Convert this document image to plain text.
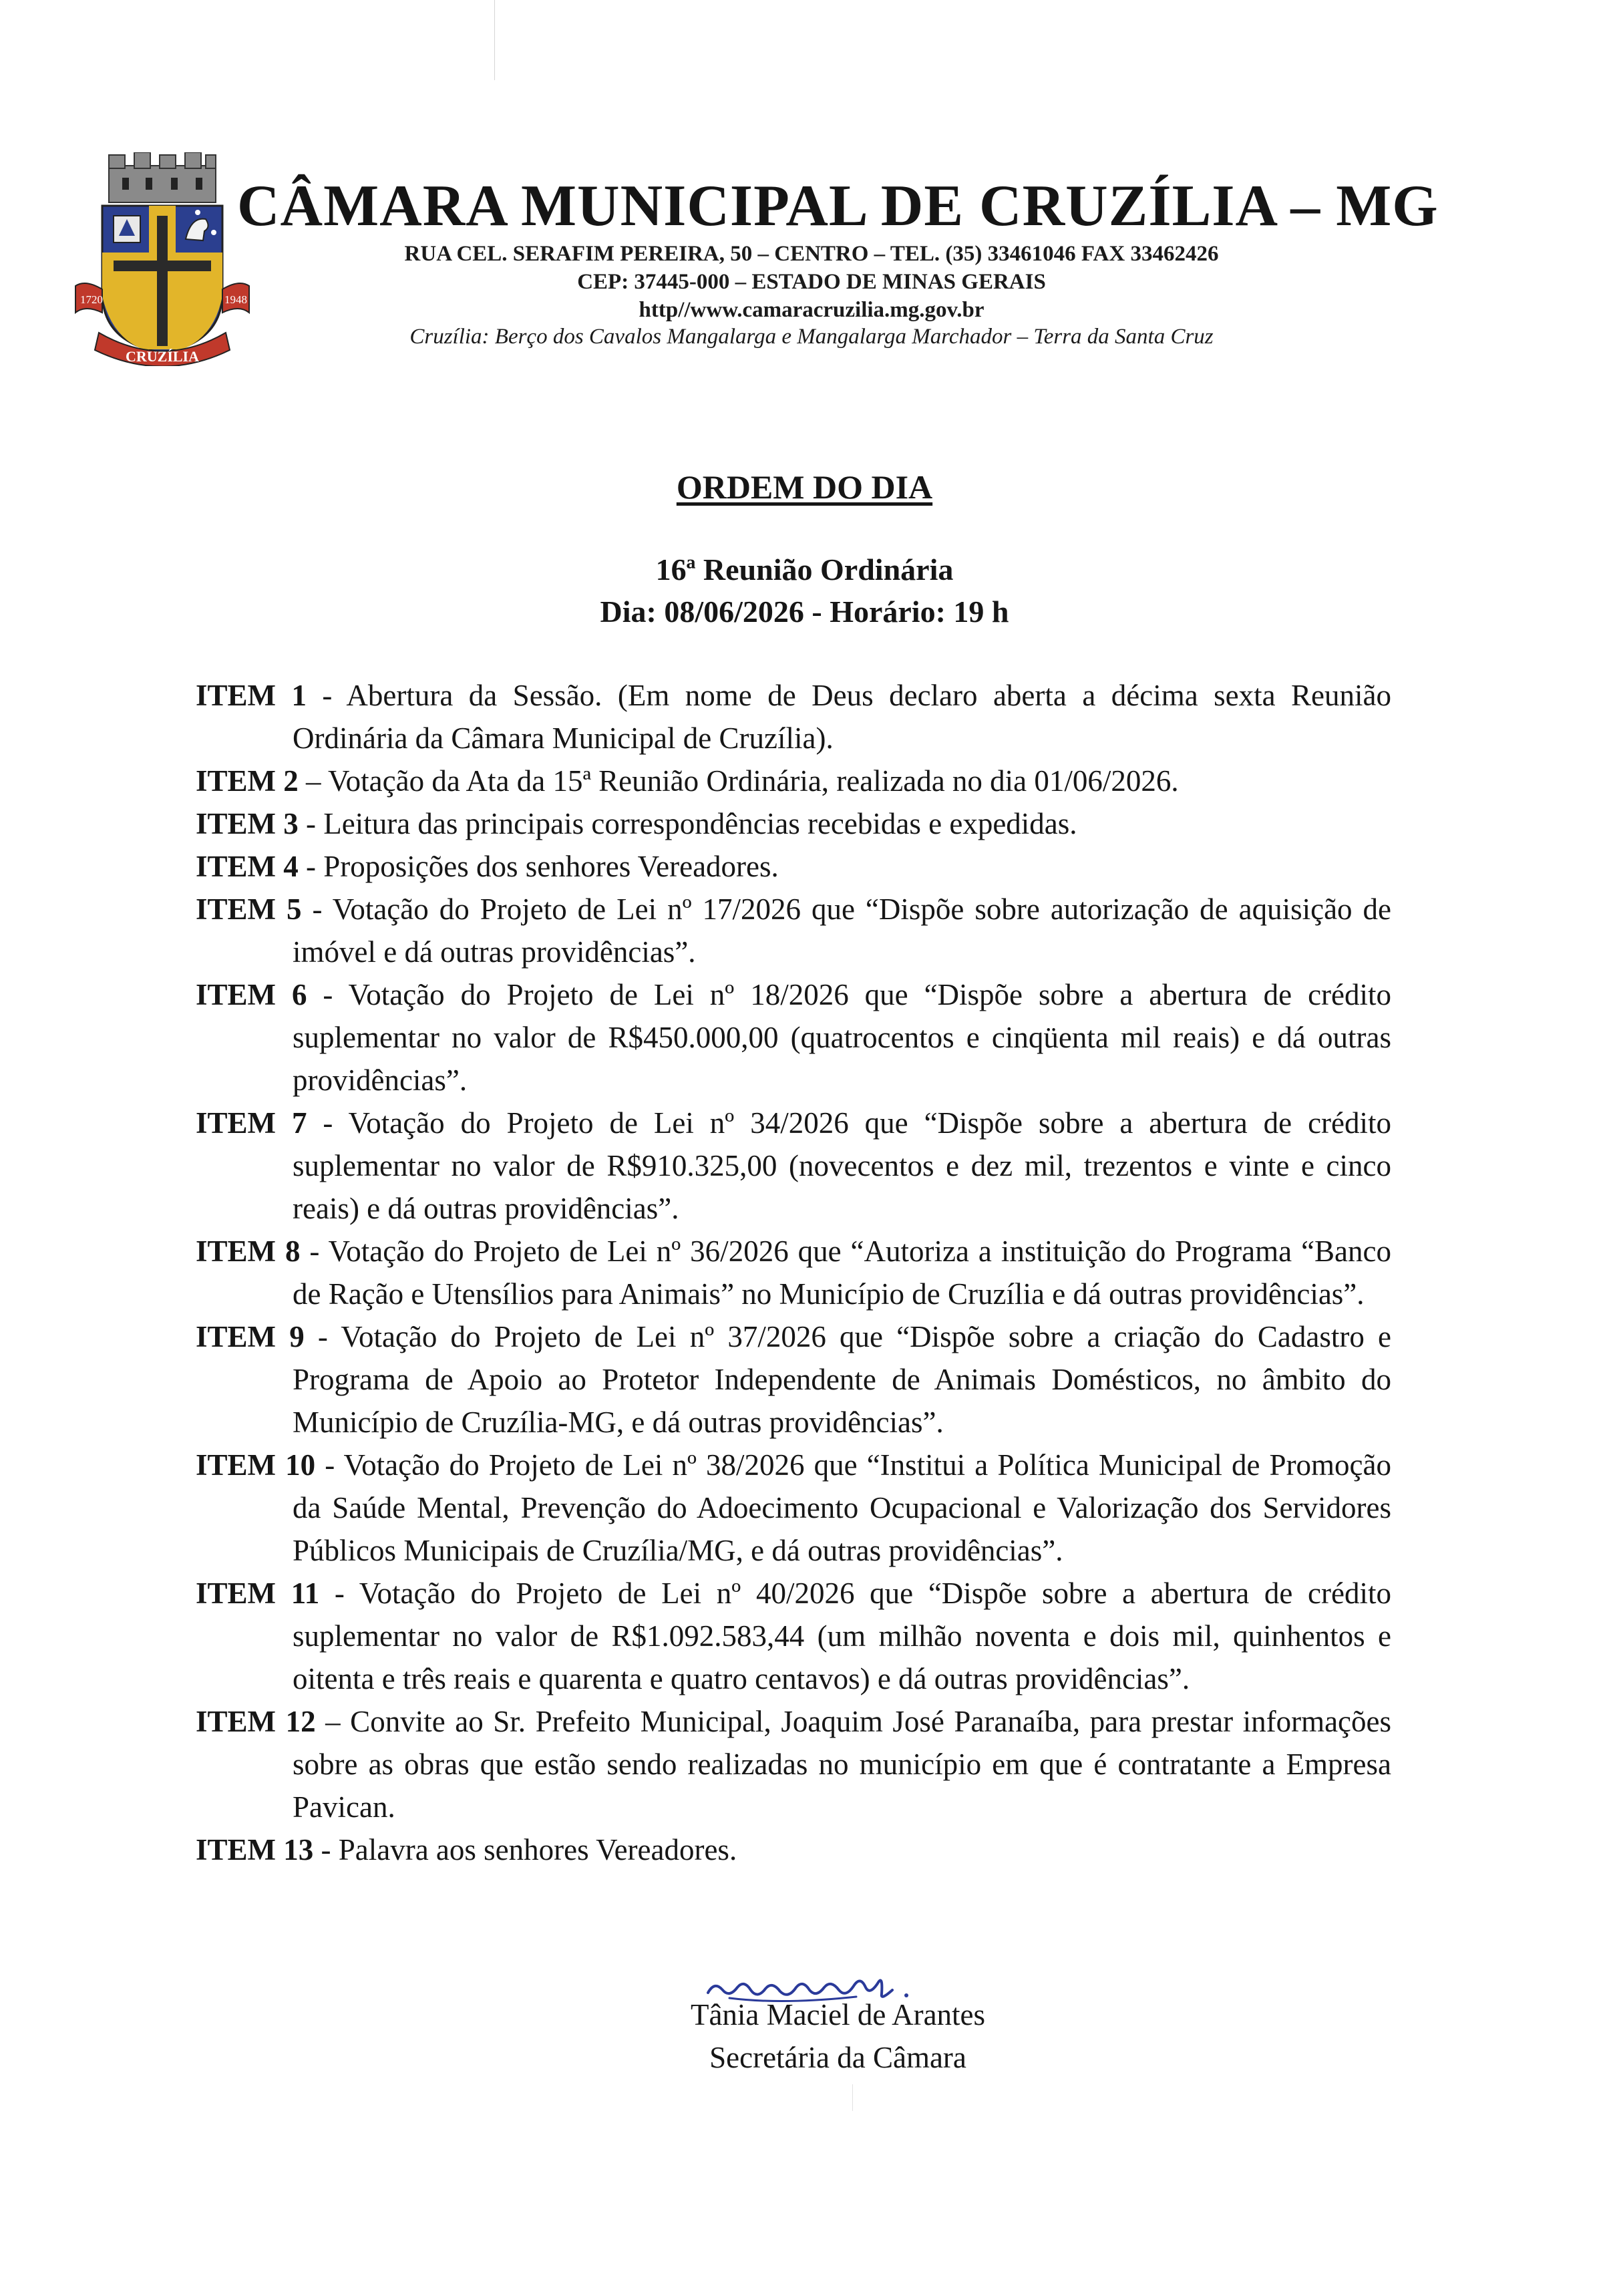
1720	1948
CRUZÍLIA
CÂMARA MUNICIPAL DE CRUZÍLIA – MG
RUA CEL. SERAFIM PEREIRA, 50 – CENTRO – TEL. (35) 33461046 FAX 33462426
CEP: 37445-000 – ESTADO DE MINAS GERAIS
http//www.camaracruzilia.mg.gov.br
Cruzília: Berço dos Cavalos Mangalarga e Mangalarga Marchador – Terra da Santa Cruz
ORDEM DO DIA
16ª Reunião Ordinária
Dia: 08/06/2026 - Horário: 19 h

ITEM 1 - Abertura da Sessão. (Em nome de Deus declaro aberta a décima sexta Reunião Ordinária da Câmara Municipal de Cruzília).

ITEM 2 – Votação da Ata da 15ª Reunião Ordinária, realizada no dia 01/06/2026.

ITEM 3 - Leitura das principais correspondências recebidas e expedidas.

ITEM 4 - Proposições dos senhores Vereadores.

ITEM 5 - Votação do Projeto de Lei nº 17/2026 que “Dispõe sobre autorização de aquisição de imóvel e dá outras providências”.

ITEM 6 - Votação do Projeto de Lei nº 18/2026 que “Dispõe sobre a abertura de crédito suplementar no valor de R$450.000,00 (quatrocentos e cinqüenta mil reais) e dá outras providências”.

ITEM 7 - Votação do Projeto de Lei nº 34/2026 que “Dispõe sobre a abertura de crédito suplementar no valor de R$910.325,00 (novecentos e dez mil, trezentos e vinte e cinco reais) e dá outras providências”.

ITEM 8 - Votação do Projeto de Lei nº 36/2026 que “Autoriza a instituição do Programa “Banco de Ração e Utensílios para Animais” no Município de Cruzília e dá outras providências”.

ITEM 9 - Votação do Projeto de Lei nº 37/2026 que “Dispõe sobre a criação do Cadastro e Programa de Apoio ao Protetor Independente de Animais Domésticos, no âmbito do Município de Cruzília-MG, e dá outras providências”.

ITEM 10 - Votação do Projeto de Lei nº 38/2026 que “Institui a Política Municipal de Promoção da Saúde Mental, Prevenção do Adoecimento Ocupacional e Valorização dos Servidores Públicos Municipais de Cruzília/MG, e dá outras providências”.

ITEM 11 - Votação do Projeto de Lei nº 40/2026 que “Dispõe sobre a abertura de crédito suplementar no valor de R$1.092.583,44 (um milhão noventa e dois mil, quinhentos e oitenta e três reais e quarenta e quatro centavos) e dá outras providências”.

ITEM 12 – Convite ao Sr. Prefeito Municipal, Joaquim José Paranaíba, para prestar informações sobre as obras que estão sendo realizadas no município em que é contratante a Empresa Pavican.

ITEM 13 - Palavra aos senhores Vereadores.

Tânia Maciel de Arantes
Secretária da Câmara
